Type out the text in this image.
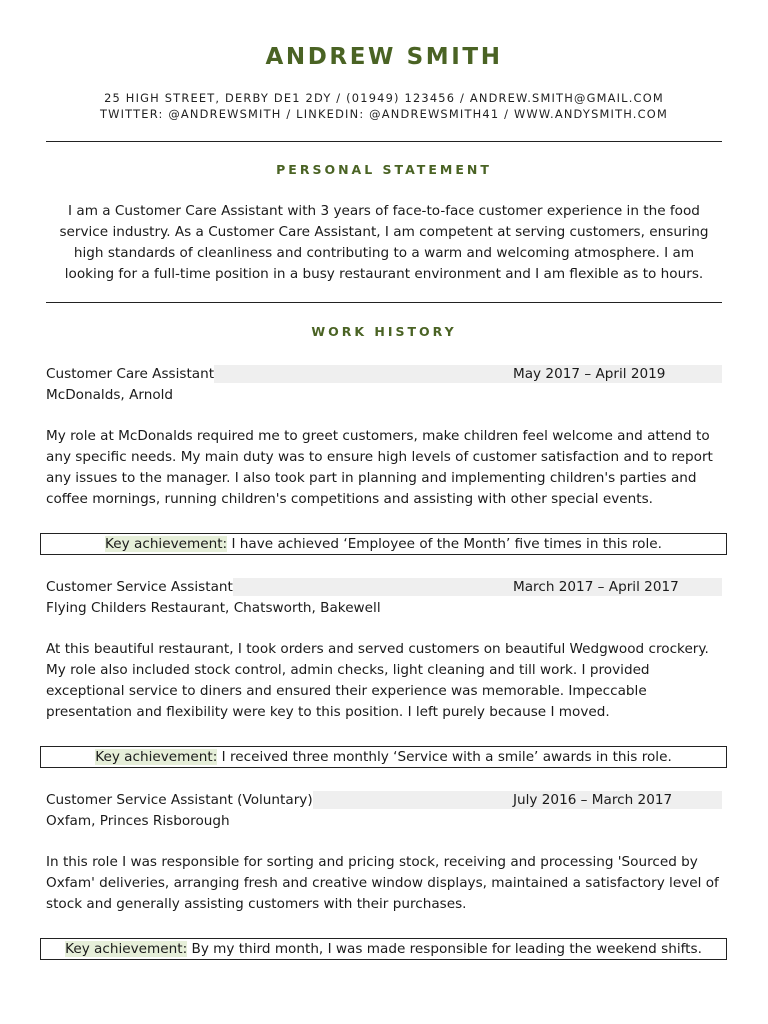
ANDREW SMITH
25 HIGH STREET, DERBY DE1 2DY / (01949) 123456 / ANDREW.SMITH@GMAIL.COM
TWITTER: @ANDREWSMITH / LINKEDIN: @ANDREWSMITH41 / WWW.ANDYSMITH.COM
PERSONAL STATEMENT
I am a Customer Care Assistant with 3 years of face-to-face customer experience in the food service industry. As a Customer Care Assistant, I am competent at serving customers, ensuring high standards of cleanliness and contributing to a warm and welcoming atmosphere. I am looking for a full-time position in a busy restaurant environment and I am flexible as to hours.
WORK HISTORY
Customer Care Assistant	May 2017 – April 2019
McDonalds, Arnold
My role at McDonalds required me to greet customers, make children feel welcome and attend to any specific needs. My main duty was to ensure high levels of customer satisfaction and to report any issues to the manager. I also took part in planning and implementing children's parties and coffee mornings, running children's competitions and assisting with other special events.
Key achievement: I have achieved ‘Employee of the Month’ five times in this role.
Customer Service Assistant	March 2017 – April 2017
Flying Childers Restaurant, Chatsworth, Bakewell
At this beautiful restaurant, I took orders and served customers on beautiful Wedgwood crockery. My role also included stock control, admin checks, light cleaning and till work. I provided exceptional service to diners and ensured their experience was memorable. Impeccable presentation and flexibility were key to this position. I left purely because I moved.
Key achievement: I received three monthly ‘Service with a smile’ awards in this role.
Customer Service Assistant (Voluntary)	July 2016 – March 2017
Oxfam, Princes Risborough
In this role I was responsible for sorting and pricing stock, receiving and processing 'Sourced by Oxfam' deliveries, arranging fresh and creative window displays, maintained a satisfactory level of stock and generally assisting customers with their purchases.
Key achievement: By my third month, I was made responsible for leading the weekend shifts.
